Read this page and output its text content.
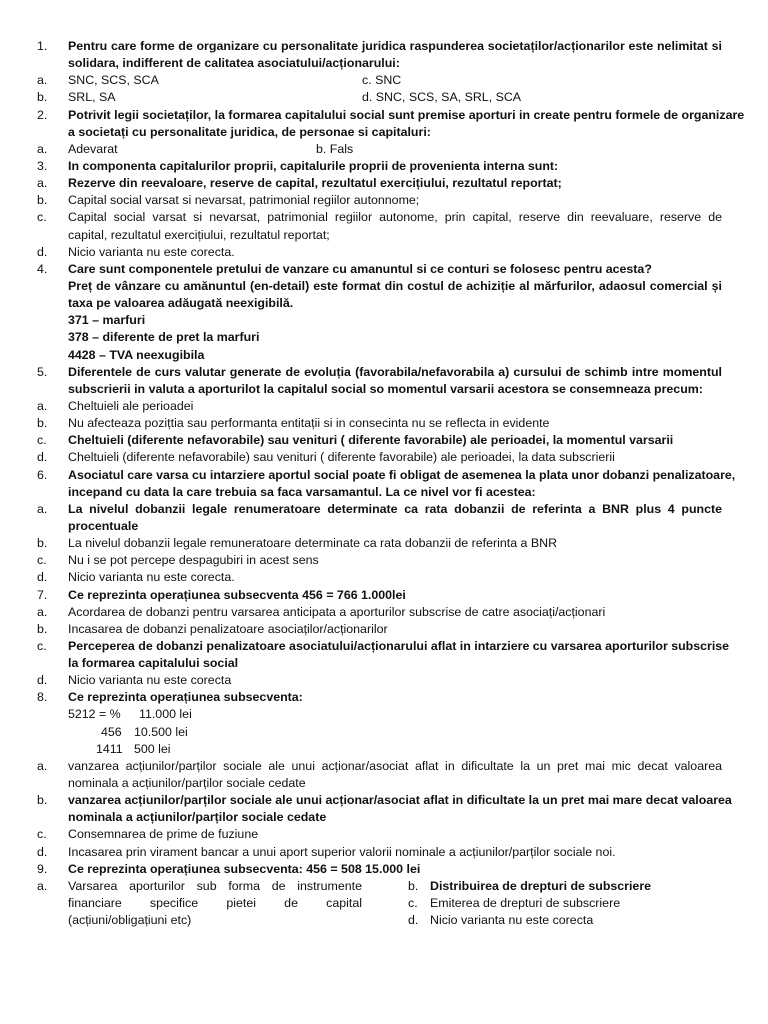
1. Pentru care forme de organizare cu personalitate juridica raspunderea societaților/acționarilor este nelimitat si
solidara, indifferent de calitatea asociatului/acționarului:
a. SNC, SCS, SCA	c. SNC
b. SRL, SA	d. SNC, SCS, SA, SRL, SCA
2. Potrivit legii societaților, la formarea capitalului social sunt premise aporturi in create pentru formele de organizare
a societați cu personalitate juridica, de personae si capitaluri:
a. Adevarat	b. Fals
3. In componenta capitalurilor proprii, capitalurile proprii de provenienta interna sunt:
a. Rezerve din reevaloare, reserve de capital, rezultatul exercițiului, rezultatul reportat;
b. Capital social varsat si nevarsat, patrimonial regiilor autonnome;
c. Capital social varsat si nevarsat, patrimonial regiilor autonome, prin capital, reserve din reevaluare, reserve de
capital, rezultatul exercițiului, rezultatul reportat;
d. Nicio varianta nu este corecta.
4. Care sunt componentele pretului de vanzare cu amanuntul si ce conturi se folosesc pentru acesta?
Preț de vânzare cu amănuntul (en-detail) este format din costul de achiziție al mărfurilor, adaosul comercial și
taxa pe valoarea adăugată neexigibilă.
371 – marfuri
378 – diferente de pret la marfuri
4428 – TVA neexugibila
5. Diferentele de curs valutar generate de evoluția (favorabila/nefavorabila a) cursului de schimb intre momentul
subscrierii in valuta a aporturilot la capitalul social so momentul varsarii acestora se consemneaza precum:
a. Cheltuieli ale perioadei
b. Nu afecteaza pozițtia sau performanta entitații si in consecinta nu se reflecta in evidente
c. Cheltuieli (diferente nefavorabile) sau venituri ( diferente favorabile) ale perioadei, la momentul varsarii
d. Cheltuieli (diferente nefavorabile) sau venituri ( diferente favorabile) ale perioadei, la data subscrierii
6. Asociatul care varsa cu intarziere aportul social poate fi obligat de asemenea la plata unor dobanzi penalizatoare,
incepand cu data la care trebuia sa faca varsamantul. La ce nivel vor fi acestea:
a. La nivelul dobanzii legale renumeratoare determinate ca rata dobanzii de referinta a BNR plus 4 puncte
procentuale
b. La nivelul dobanzii legale remuneratoare determinate ca rata dobanzii de referinta a BNR
c. Nu i se pot percepe despagubiri in acest sens
d. Nicio varianta nu este corecta.
7. Ce reprezinta operațiunea subsecventa 456 = 766 1.000lei
a. Acordarea de dobanzi pentru varsarea anticipata a aporturilor subscrise de catre asociați/acționari
b. Incasarea de dobanzi penalizatoare asociaților/acționarilor
c. Perceperea de dobanzi penalizatoare asociatului/acționarului aflat in intarziere cu varsarea aporturilor subscrise
la formarea capitalului social
d. Nicio varianta nu este corecta
8. Ce reprezinta operațiunea subsecventa:
5212 = % 11.000 lei
456 10.500 lei
1411 500 lei
a. vanzarea acțiunilor/parților sociale ale unui acționar/asociat aflat in dificultate la un pret mai mic decat valoarea
nominala a acțiunilor/parților sociale cedate
b. vanzarea acțiunilor/parților sociale ale unui acționar/asociat aflat in dificultate la un pret mai mare decat valoarea
nominala a acțiunilor/parților sociale cedate
c. Consemnarea de prime de fuziune
d. Incasarea prin virament bancar a unui aport superior valorii nominale a acțiunilor/parților sociale noi.
9. Ce reprezinta operațiunea subsecventa: 456 = 508 15.000 lei
a. Varsarea aporturilor sub forma de instrumente	b. Distribuirea de drepturi de subscriere
financiare specifice pietei de capital	c. Emiterea de drepturi de subscriere
(acțiuni/obligațiuni etc)	d. Nicio varianta nu este corecta
